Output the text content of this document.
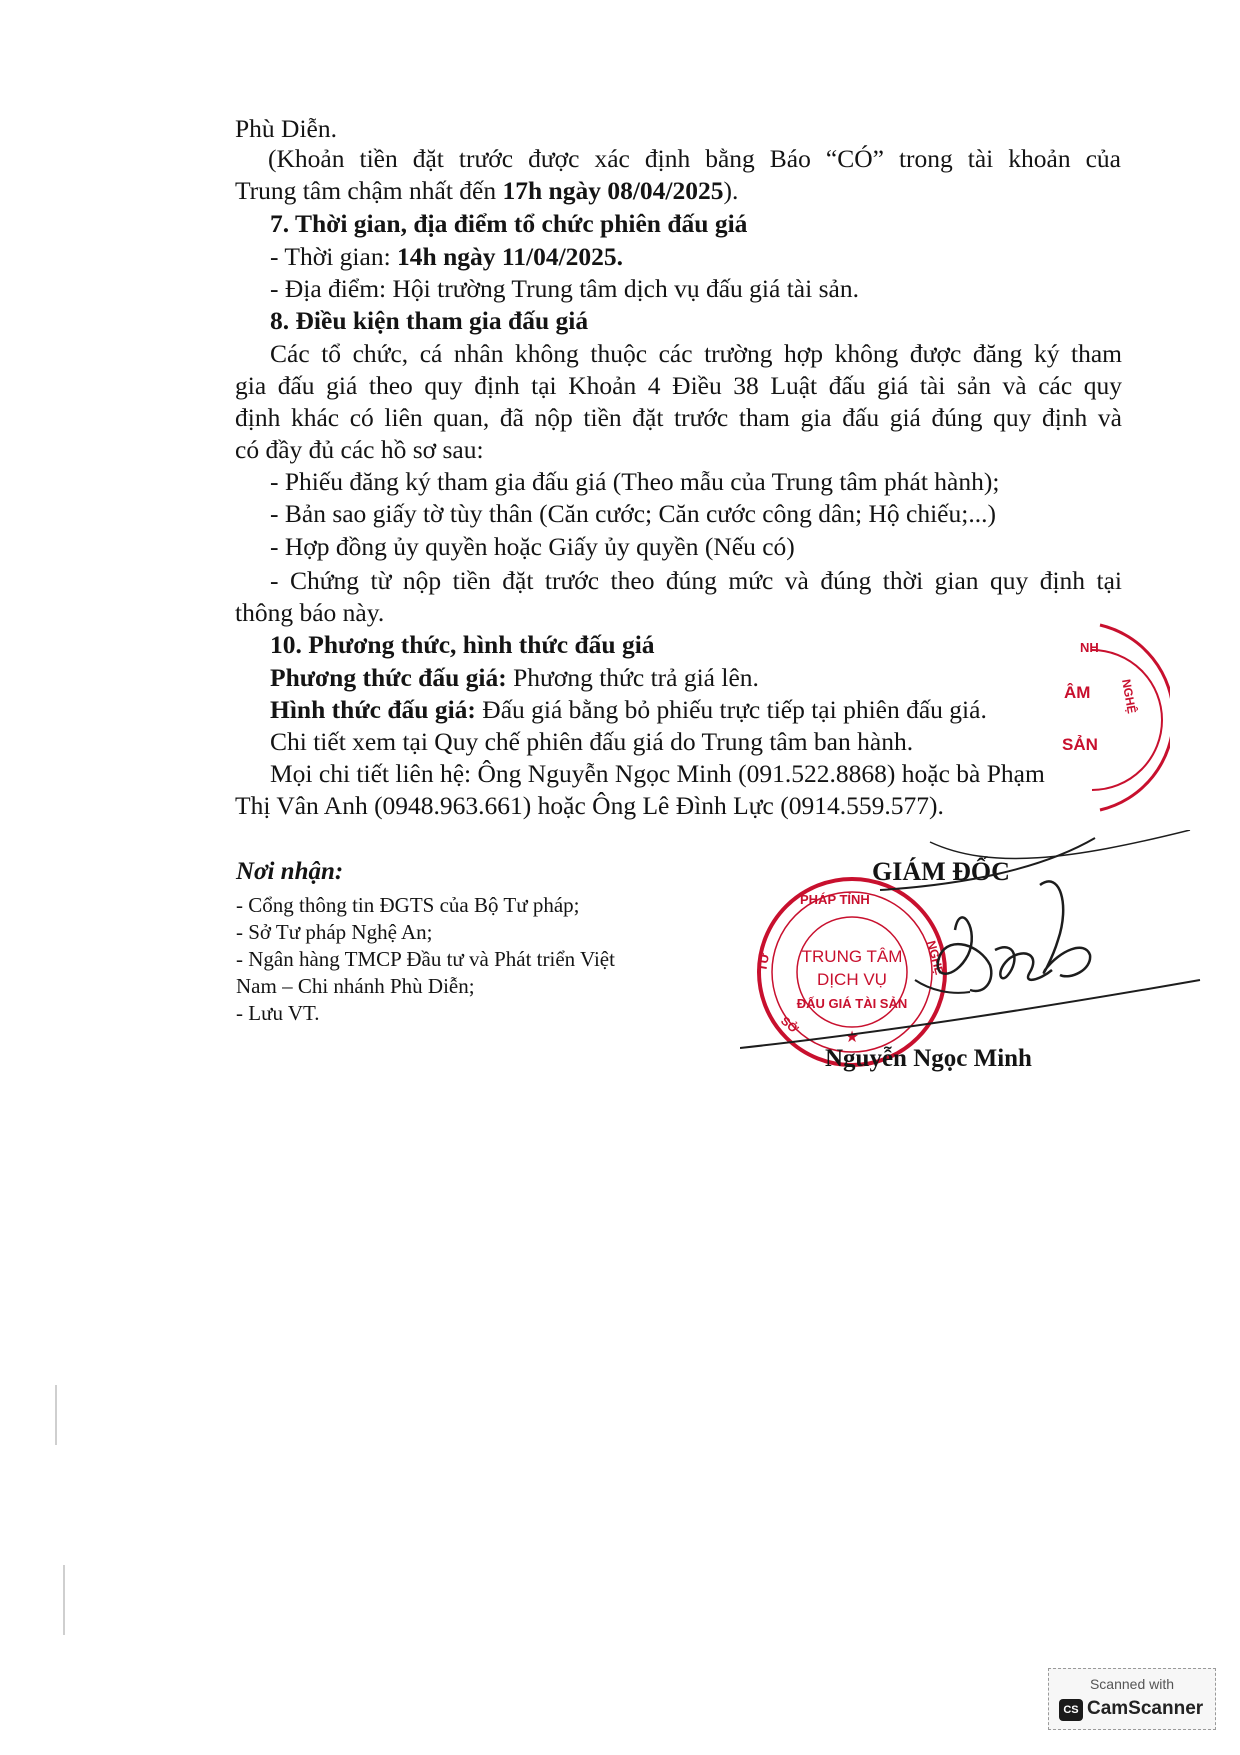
Phù Diễn.
(Khoản tiền đặt trước được xác định bằng Báo “CÓ” trong tài khoản của
Trung tâm chậm nhất đến 17h ngày 08/04/2025).
7. Thời gian, địa điểm tổ chức phiên đấu giá
- Thời gian: 14h ngày 11/04/2025.
- Địa điểm: Hội trường Trung tâm dịch vụ đấu giá tài sản.
8. Điều kiện tham gia đấu giá
Các tổ chức, cá nhân không thuộc các trường hợp không được đăng ký tham
gia đấu giá theo quy định tại Khoản 4 Điều 38 Luật đấu giá tài sản và các quy
định khác có liên quan, đã nộp tiền đặt trước tham gia đấu giá đúng quy định và
có đầy đủ các hồ sơ sau:
- Phiếu đăng ký tham gia đấu giá (Theo mẫu của Trung tâm phát hành);
- Bản sao giấy tờ tùy thân (Căn cước; Căn cước công dân; Hộ chiếu;...)
- Hợp đồng ủy quyền hoặc Giấy ủy quyền (Nếu có)
- Chứng từ nộp tiền đặt trước theo đúng mức và đúng thời gian quy định tại
thông báo này.
10. Phương thức, hình thức đấu giá
Phương thức đấu giá: Phương thức trả giá lên.
Hình thức đấu giá: Đấu giá bằng bỏ phiếu trực tiếp tại phiên đấu giá.
Chi tiết xem tại Quy chế phiên đấu giá do Trung tâm ban hành.
Mọi chi tiết liên hệ: Ông Nguyễn Ngọc Minh (091.522.8868) hoặc bà Phạm
Thị Vân Anh (0948.963.661) hoặc Ông Lê Đình Lực (0914.559.577).
NH
ÂM
SẢN
NGHỆ
Nơi nhận:
- Cổng thông tin ĐGTS của Bộ Tư pháp;
- Sở Tư pháp Nghệ An;
- Ngân hàng TMCP Đầu tư và Phát triển Việt
Nam – Chi nhánh Phù Diễn;
- Lưu VT.
GIÁM ĐỐC
PHÁP TỈNH
TƯ	NGHỆ
TRUNG TÂM
DỊCH VỤ
ĐẤU GIÁ TÀI SẢN
SỞ
★
Nguyễn Ngọc Minh
Scanned with
CS CamScanner
